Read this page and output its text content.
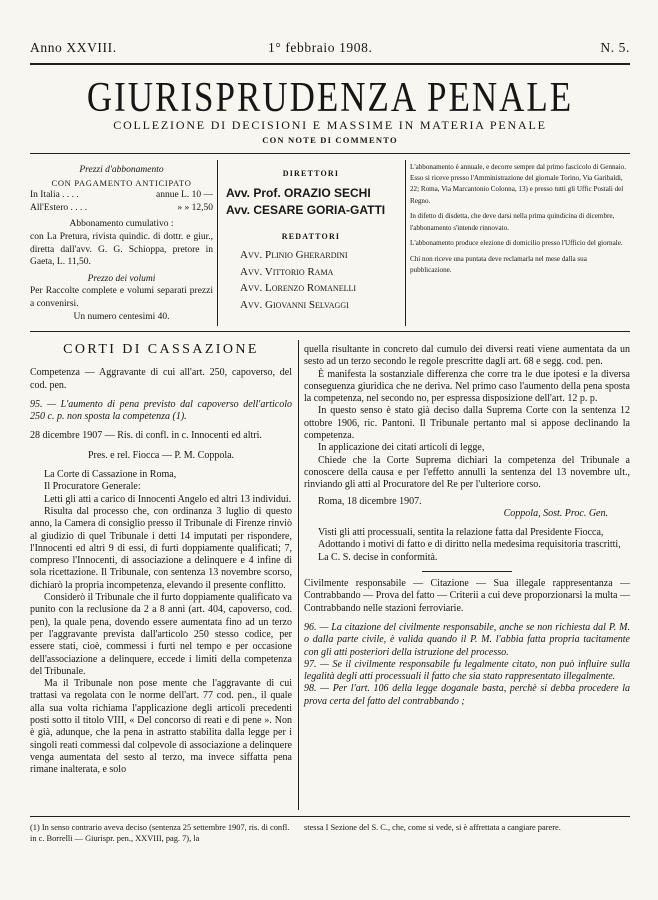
Anno XXVIII.	1° febbraio 1908.	N. 5.
GIURISPRUDENZA PENALE
COLLEZIONE DI DECISIONI E MASSIME IN MATERIA PENALE
CON NOTE DI COMMENTO
Prezzi d'abbonamento
CON PAGAMENTO ANTICIPATO
In Italia . . . .	annue L. 10 —
All'Estero . . . .	» » 12,50
Abbonamento cumulativo :
con La Pretura, rivista quindic. di dottr. e giur., diretta dall'avv. G. G. Schioppa, pretore in Gaeta, L. 11,50.
Prezzo dei volumi
Per Raccolte complete e volumi separati prezzi a convenirsi.
Un numero centesimi 40.
DIRETTORI
Avv. Prof. ORAZIO SECHI
Avv. CESARE GORIA-GATTI
REDATTORI
Avv. Plinio Gherardini
Avv. Vittorio Rama
Avv. Lorenzo Romanelli
Avv. Giovanni Selvaggi

L'abbonamento è annuale, e decorre sempre dal primo fascicolo di Gennaio. Esso si riceve presso l'Amministrazione del giornale Torino, Via Garibaldi, 22; Roma, Via Marcantonio Colonna, 13) e presso tutti gli Uffic Postali del Regno.

In difetto di disdetta, che deve darsi nella prima quindicina di dicembre, l'abbonamento s'intende rinnovato.

L'abbonamento produce elezione di domicilio presso l'Ufficio del giornale.

Chi non riceve una puntata deve reclamarla nel mese dalla sua pubblicazione.

CORTI DI CASSAZIONE

Competenza — Aggravante di cui all'art. 250, capoverso, del cod. pen.

95. — L'aumento di pena previsto dal capoverso dell'articolo 250 c. p. non sposta la competenza (1).

28 dicembre 1907 — Ris. di confl. in c. Innocenti ed altri.

Pres. e rel. Fiocca — P. M. Coppola.

La Corte di Cassazione in Roma,

Il Procuratore Generale:

Letti gli atti a carico di Innocenti Angelo ed altri 13 individui.

Risulta dal processo che, con ordinanza 3 luglio di questo anno, la Camera di consiglio presso il Tribunale di Firenze rinviò al giudizio di quel Tribunale i detti 14 imputati per rispondere, l'Innocenti ed altri 9 di essi, di furti doppiamente qualificati; 7, compreso l'Innocenti, di associazione a delinquere e 4 infine di sola ricettazione. Il Tribunale, con sentenza 13 novembre scorso, dichiarò la propria incompetenza, elevando il presente conflitto.

Considerò il Tribunale che il furto doppiamente qualificato va punito con la reclusione da 2 a 8 anni (art. 404, capoverso, cod. pen), la quale pena, dovendo essere aumentata fino ad un terzo per l'aggravante prevista dall'articolo 250 stesso codice, per essere stati, cioè, commessi i furti nel tempo e per occasione dell'associazione a delinquere, eccede i limiti della competenza del Tribunale.

Ma il Tribunale non pose mente che l'aggravante di cui trattasi va regolata con le norme dell'art. 77 cod. pen., il quale alla sua volta richiama l'applicazione degli articoli precedenti posti sotto il titolo VIII, « Del concorso di reati e di pene ». Non è già, adunque, che la pena in astratto stabilita dalla legge per i singoli reati commessi dal colpevole di associazione a delinquere venga aumentata del sesto al terzo, ma invece siffatta pena rimane inalterata, e solo

quella risultante in concreto dal cumulo dei diversi reati viene aumentata da un sesto ad un terzo secondo le regole prescritte dagli art. 68 e segg. cod. pen.

È manifesta la sostanziale differenza che corre tra le due ipotesi e la diversa conseguenza giuridica che ne deriva. Nel primo caso l'aumento della pena sposta la competenza, nel secondo no, per espressa disposizione dell'art. 12 p. p.

In questo senso è stato già deciso dalla Suprema Corte con la sentenza 12 ottobre 1906, ric. Pantoni. Il Tribunale pertanto mal si appose declinando la competenza.

In applicazione dei citati articoli di legge,

Chiede che la Corte Suprema dichiari la competenza del Tribunale a conoscere della causa e per l'effetto annulli la sentenza del 13 novembre ult., rinviando gli atti al Procuratore del Re per l'ulteriore corso.

Roma, 18 dicembre 1907.

Coppola, Sost. Proc. Gen.

Visti gli atti processuali, sentita la relazione fatta dal Presidente Fiocca,

Adottando i motivi di fatto e di diritto nella medesima requisitoria trascritti,

La C. S. decise in conformità.

Civilmente responsabile — Citazione — Sua illegale rappresentanza — Contrabbando — Prova del fatto — Criterii a cui deve proporzionarsi la multa — Contrabbando nelle stazioni ferroviarie.

96. — La citazione del civilmente responsabile, anche se non richiesta dal P. M. o dalla parte civile, è valida quando il P. M. l'abbia fatta propria tacitamente con gli atti posteriori della istruzione del processo.

97. — Se il civilmente responsabile fu legalmente citato, non può influire sulla legalità degli atti processuali il fatto che sia stato rappresentato illegalmente.

98. — Per l'art. 106 della legge doganale basta, perchè si debba procedere la prova certa del fatto del contrabbando ;

(1) In senso contrario aveva deciso (sentenza 25 settembre 1907, ris. di confl. in c. Borrelli — Giurispr. pen., XXVIII, pag. 7), la
stessa I Sezione del S. C., che, come si vede, si è affrettata a cangiare parere.
